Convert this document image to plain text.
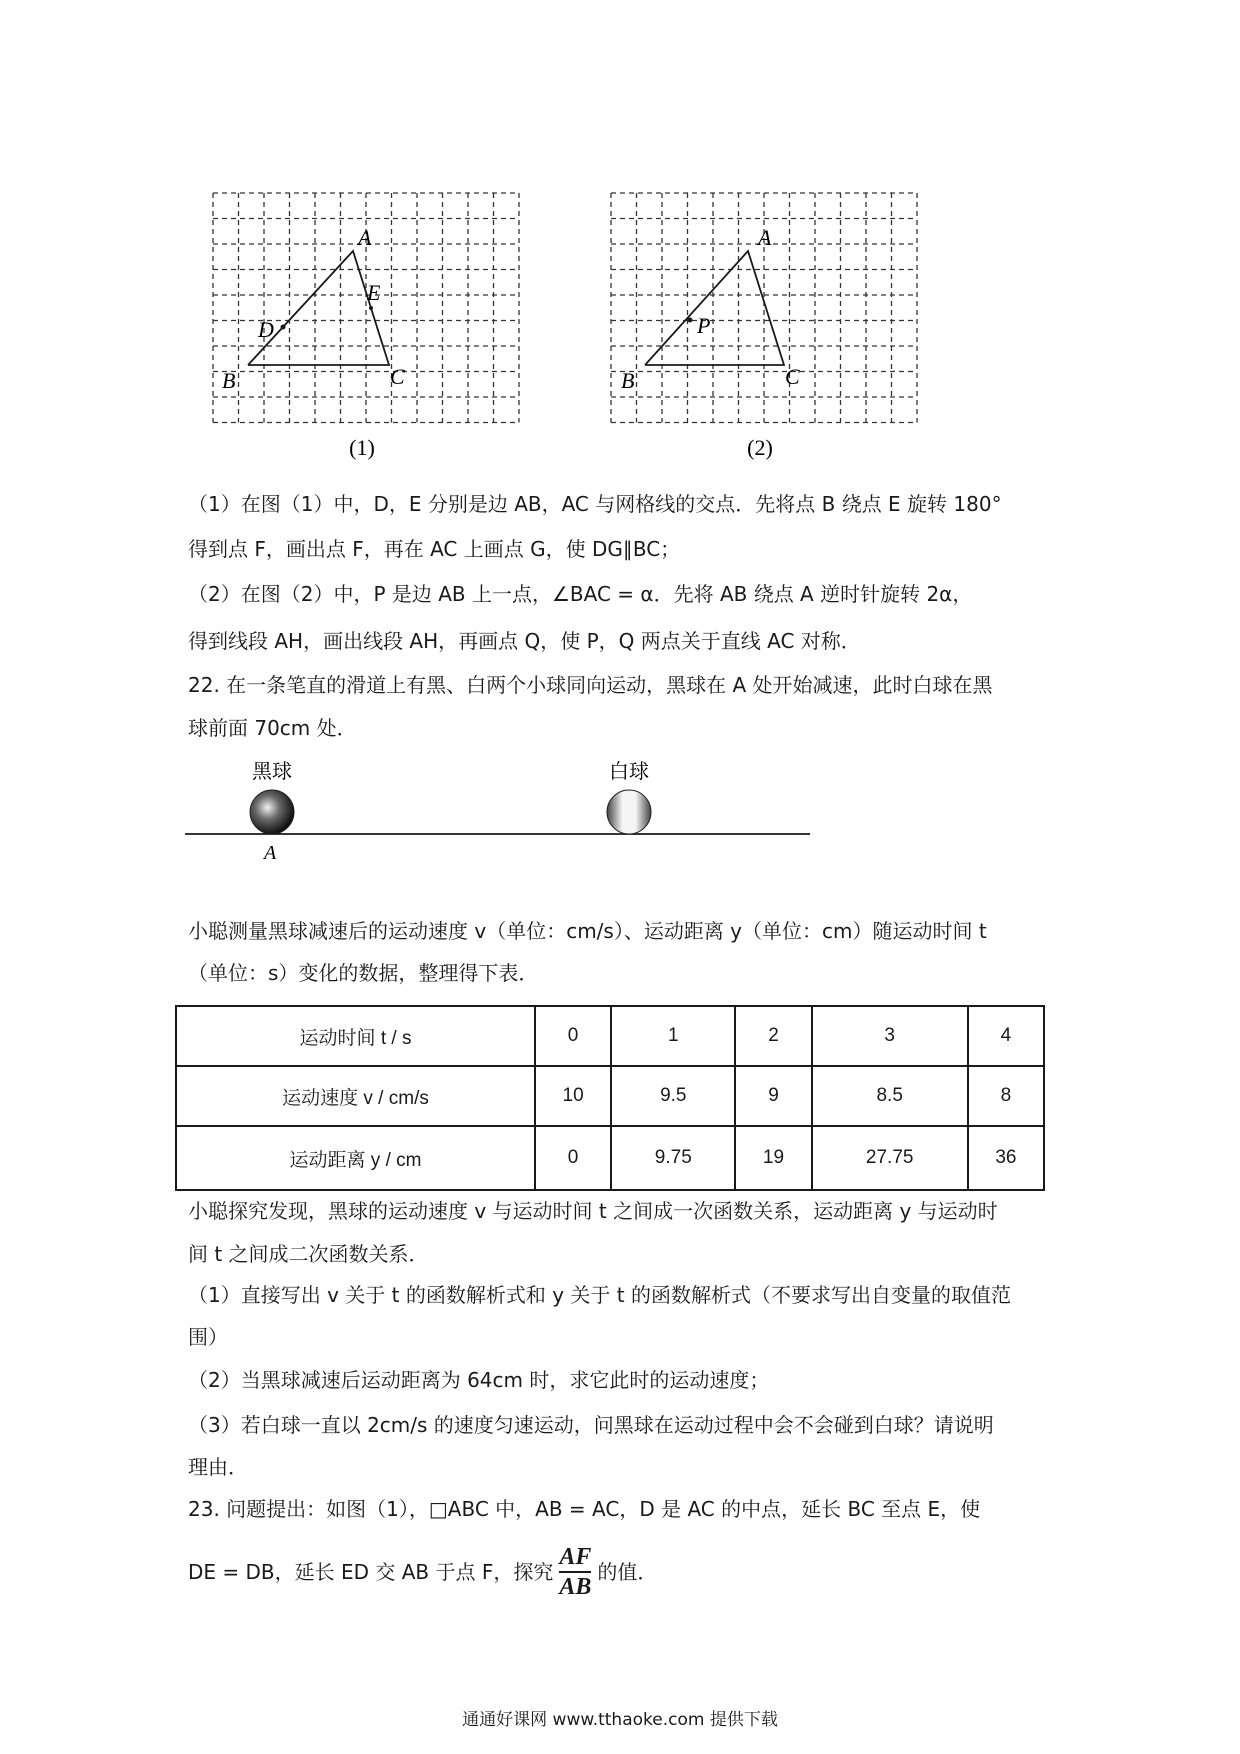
A
B	C
D
E
A
B	C
P
(1)	(2)
（1）在图（1）中，D，E 分别是边 AB，AC 与网格线的交点．先将点 B 绕点 E 旋转 180°
得到点 F，画出点 F，再在 AC 上画点 G，使 DG∥BC；
（2）在图（2）中，P 是边 AB 上一点，∠BAC = α．先将 AB 绕点 A 逆时针旋转 2α，
得到线段 AH，画出线段 AH，再画点 Q，使 P，Q 两点关于直线 AC 对称．
22. 在一条笔直的滑道上有黑、白两个小球同向运动，黑球在 A 处开始减速，此时白球在黑
球前面 70cm 处．
黑球	白球
A
小聪测量黑球减速后的运动速度 v（单位：cm/s）、运动距离 y（单位：cm）随运动时间 t
（单位：s）变化的数据，整理得下表．
运动时间 t / s	0	1	2	3	4
运动速度 v / cm/s	10	9.5	9	8.5	8
运动距离 y / cm	0	9.75	19	27.75	36
小聪探究发现，黑球的运动速度 v 与运动时间 t 之间成一次函数关系，运动距离 y 与运动时
间 t 之间成二次函数关系．
（1）直接写出 v 关于 t 的函数解析式和 y 关于 t 的函数解析式（不要求写出自变量的取值范
围）
（2）当黑球减速后运动距离为 64cm 时，求它此时的运动速度；
（3）若白球一直以 2cm/s 的速度匀速运动，问黑球在运动过程中会不会碰到白球？请说明
理由．
23. 问题提出：如图（1），□ABC 中，AB = AC，D 是 AC 的中点，延长 BC 至点 E，使
DE = DB，延长 ED 交 AB 于点 F，探究 $\frac{AF}{AB}$ 的值．
通通好课网 www.tthaoke.com 提供下载
